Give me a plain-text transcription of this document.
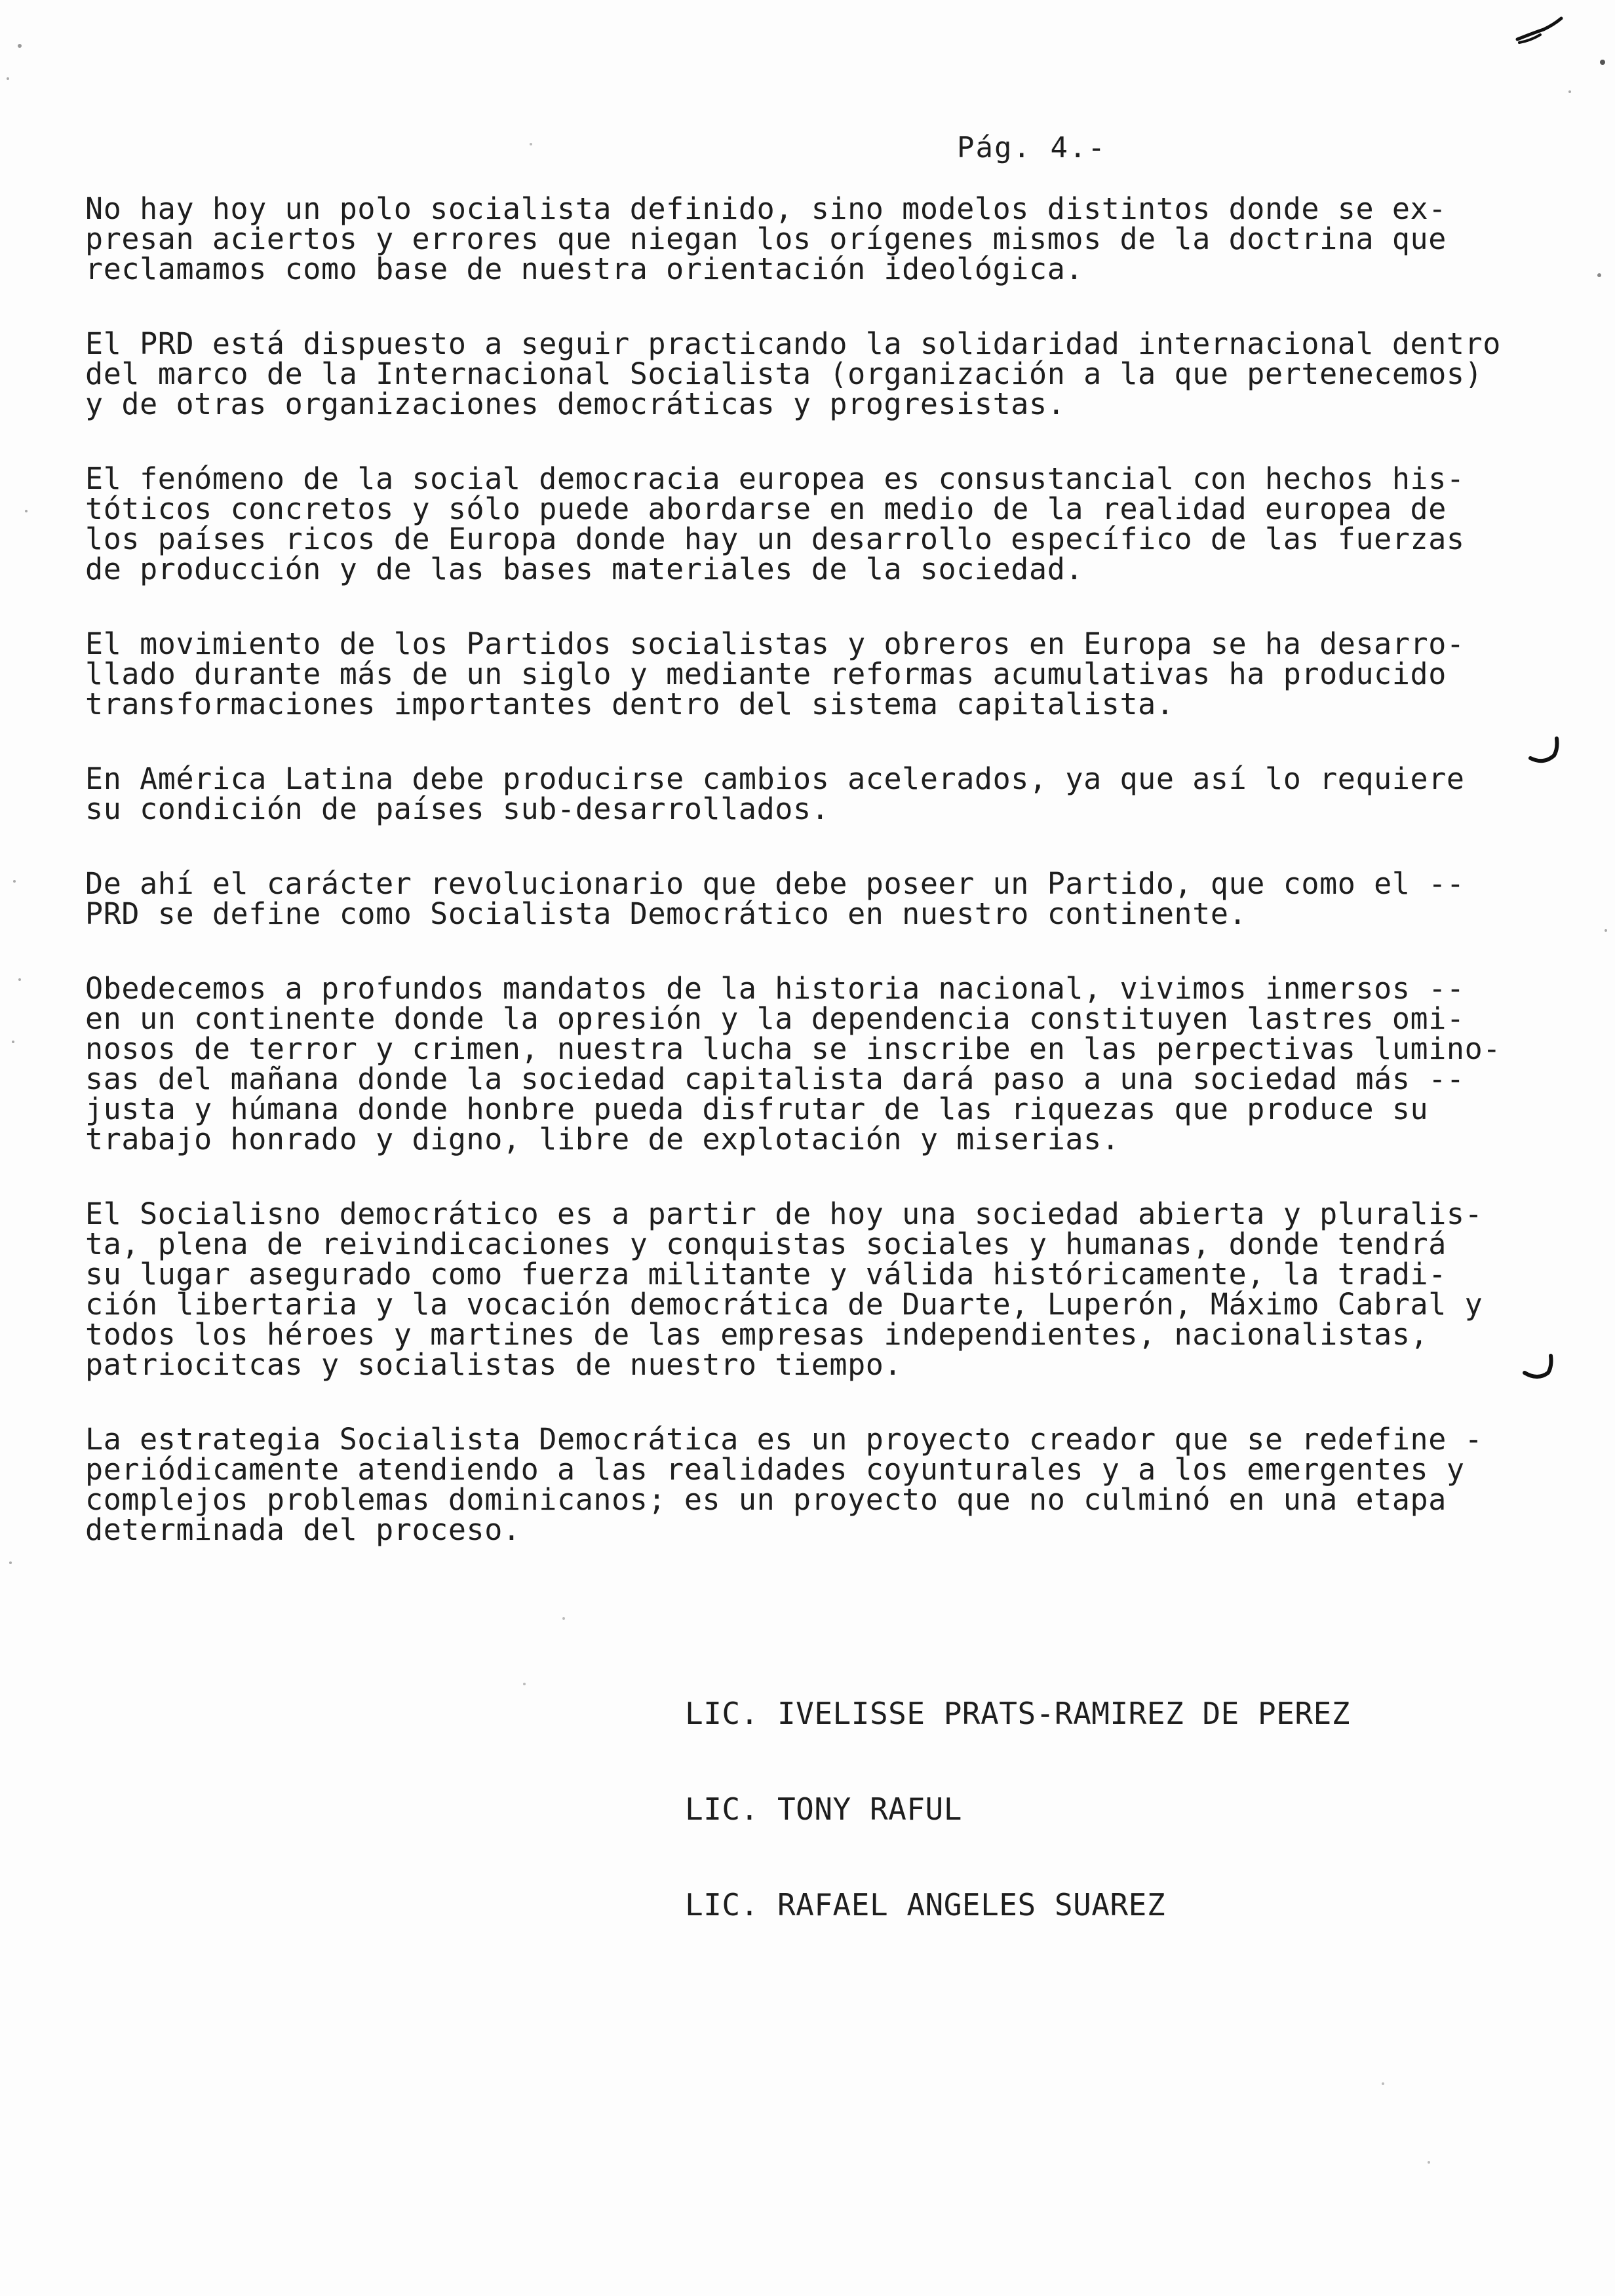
Pág. 4.-

No hay hoy un polo socialista definido, sino modelos distintos donde se ex-
presan aciertos y errores que niegan los orígenes mismos de la doctrina que
reclamamos como base de nuestra orientación ideológica.

El PRD está dispuesto a seguir practicando la solidaridad internacional dentro
del marco de la Internacional Socialista (organización a la que pertenecemos)
y de otras organizaciones democráticas y progresistas.

El fenómeno de la social democracia europea es consustancial con hechos his-
tóticos concretos y sólo puede abordarse en medio de la realidad europea de
los países ricos de Europa donde hay un desarrollo específico de las fuerzas
de producción y de las bases materiales de la sociedad.

El movimiento de los Partidos socialistas y obreros en Europa se ha desarro-
llado durante más de un siglo y mediante reformas acumulativas ha producido
transformaciones importantes dentro del sistema capitalista.

En América Latina debe producirse cambios acelerados, ya que así lo requiere
su condición de países sub-desarrollados.

De ahí el carácter revolucionario que debe poseer un Partido, que como el --
PRD se define como Socialista Democrático en nuestro continente.

Obedecemos a profundos mandatos de la historia nacional, vivimos inmersos --
en un continente donde la opresión y la dependencia constituyen lastres omi-
nosos de terror y crimen, nuestra lucha se inscribe en las perpectivas lumino-
sas del mañana donde la sociedad capitalista dará paso a una sociedad más --
justa y húmana donde honbre pueda disfrutar de las riquezas que produce su
trabajo honrado y digno, libre de explotación y miserias.

El Socialisno democrático es a partir de hoy una sociedad abierta y pluralis-
ta, plena de reivindicaciones y conquistas sociales y humanas, donde tendrá
su lugar asegurado como fuerza militante y válida históricamente, la tradi-
ción libertaria y la vocación democrática de Duarte, Luperón, Máximo Cabral y
todos los héroes y martines de las empresas independientes, nacionalistas,
patriocitcas y socialistas de nuestro tiempo.

La estrategia Socialista Democrática es un proyecto creador que se redefine -
periódicamente atendiendo a las realidades coyunturales y a los emergentes y
complejos problemas dominicanos; es un proyecto que no culminó en una etapa
determinada del proceso.

LIC. IVELISSE PRATS-RAMIREZ DE PEREZ
LIC. TONY RAFUL
LIC. RAFAEL ANGELES SUAREZ
